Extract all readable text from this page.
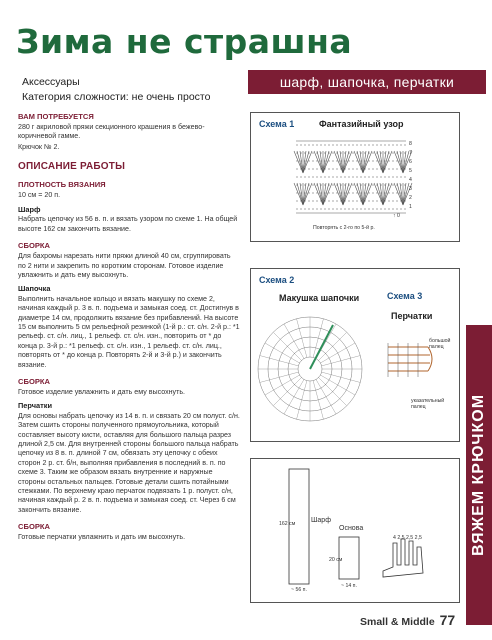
Зима не страшна
Аксессуары
Категория сложности: не очень просто
шарф, шапочка, перчатки
ВАМ ПОТРЕБУЕТСЯ

280 г акриловой пряжи секционного крашения в бежево-коричневой гамме.

Крючок № 2.

ОПИСАНИЕ РАБОТЫ
ПЛОТНОСТЬ ВЯЗАНИЯ

10 см = 20 п.

Шарф

Набрать цепочку из 56 в. п. и вязать узором по схеме 1. На общей высоте 162 см закончить вязание.

СБОРКА

Для бахромы нарезать нити пряжи длиной 40 см, сгруппировать по 2 нити и закрепить по коротким сторонам. Готовое изделие увлажнить и дать ему высохнуть.

Шапочка

Выполнить начальное кольцо и вязать макушку по схеме 2, начиная каждый р. 3 в. п. подъема и замыкая соед. ст. Достигнув в диаметре 14 см, продолжить вязание без прибавлений. На высоте 15 см выполнить 5 см рельефной резинкой (1-й р.: ст. с/н. 2-й р.: *1 рельеф. ст. с/н. лиц., 1 рельеф. ст. с/н. изн., повторить от * до конца р. 3-й р.: *1 рельеф. ст. с/н. изн., 1 рельеф. ст. с/н. лиц., повторять от * до конца р. Повторять 2-й и 3-й р.) и закончить вязание.

СБОРКА

Готовое изделие увлажнить и дать ему высохнуть.

Перчатки

Для основы набрать цепочку из 14 в. п. и связать 20 см полуст. с/н. Затем сшить стороны полученного прямоугольника, который составляет высоту кисти, оставляя для большого пальца разрез длиной 2,5 см. Для внутренней стороны большого пальца набрать цепочку из 8 в. п. длиной 7 см, обвязать эту цепочку с обеих сторон 2 р. ст. б/н, выполняя прибавления в последний в. п. по схеме 3. Таким же образом вязать внутренние и наружные стороны остальных пальцев. Готовые детали сшить потайными стежками. По верхнему краю перчаток подвязать 1 р. полуст. с/н, начиная каждый р. 2 в. п. подъема и замыкая соед. ст. Через 6 см закончить вязание.

СБОРКА

Готовые перчатки увлажнить и дать им высохнуть.

Схема 1	Фантазийный узор
8
7
6
5
4
3
2
1
↑ 0
Повторять с 2-го по 5-й р.
Схема 2
Макушка шапочки	Схема 3
Перчатки
большой палец
указательный палец
Шарф
162 см
~ 56 п.
Основа
20 см
~ 14 п.
4 2,5 2,5 2,5	ВЯЖЕМ КРЮЧКОМ
Small & Middle 77
